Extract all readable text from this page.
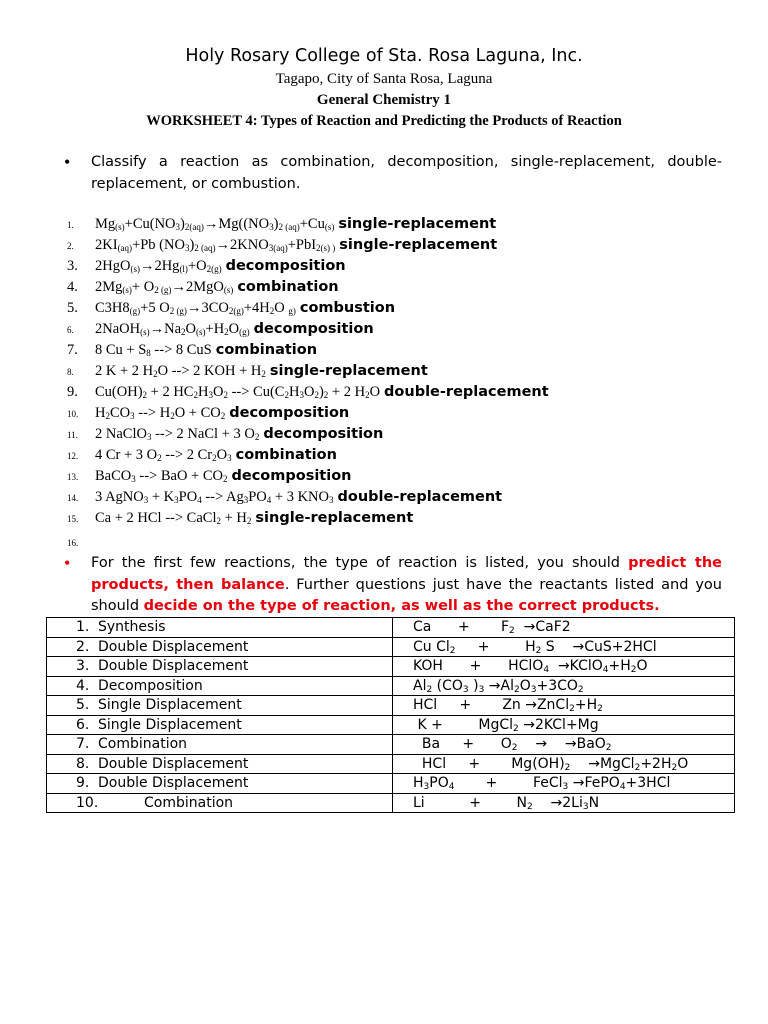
Holy Rosary College of Sta. Rosa Laguna, Inc.
Tagapo, City of Santa Rosa, Laguna
General Chemistry 1
WORKSHEET 4: Types of Reaction and Predicting the Products of Reaction
• Classify a reaction as combination, decomposition, single-replacement, double-replacement, or combustion.
1. $Mg_{(s)}+Cu(NO_3)_{2(aq)}\to Mg((NO_3)_{2 (aq)}+Cu_{(s)}$ single-replacement
2. $2KI_{(aq)}+Pb$ $(NO_3)_{2 (aq)}\to 2KNO_{3(aq)}+PbI_{2(s) )}$ single-replacement
3. $2HgO_{(s)}\to 2Hg_{(l)}+O_{2(g)}$ decomposition
4. $2Mg_{(s)}+ O_{2 (g)}\to 2MgO_{(s)}$ combination
5. $C3H8_{(g)}+5$ $O_{2 (g)}\to 3CO_{2(g)}+4H_2O$ $_{g)}$ combustion
6. $2NaOH_{(s)}\to Na_2O_{(s)}+H_2O_{(g)}$ decomposition
7. 8 $Cu + S_8$ --> 8 CuS combination
8. 2 K + 2 $H_2O$ --> 2 KOH + $H_2$ single-replacement
9. $Cu(OH)_2 + 2$ $HC_2H_3O_2$ --> $Cu(C_2H_3O_2)_2 + 2$ $H_2O$ double-replacement
10. $H_2CO_3$ --> $H_2O + CO_2$ decomposition
11. 2 NaClO$_3$ --> 2 NaCl + 3 $O_2$ decomposition
12. 4 Cr + 3 $O_2$ --> 2 $Cr_2O_3$ combination
13. BaCO$_3$ --> BaO + $CO_2$ decomposition
14. 3 AgNO$_3$ + $K_3PO_4$ --> $Ag_3PO_4 + 3$ $KNO_3$ double-replacement
15. Ca + 2 HCl --> CaCl$_2$ + $H_2$ single-replacement
16.
• For the first few reactions, the type of reaction is listed, you should predict the products, then balance. Further questions just have the reactants listed and you should decide on the type of reaction, as well as the correct products.
1. Synthesis	Ca      +       $F_2 \to CaF2$
2. Double Displacement	Cu $Cl_2$     +        $H_2$ S    →CuS+2HCl
3. Double Displacement	KOH      +      HClO$_4$  $\to KClO_4+H_2O$
4. Decomposition	$Al_2$ ($CO_3$ )$_3 \to Al_2O_3+3CO_2$
5. Single Displacement	HCl     +       $Zn \to ZnCl_2+H_2$
6. Single Displacement	K +        MgCl$_2$ →2KCl+Mg
7. Combination	Ba     +      $O_2$    →    →BaO$_2$
8. Double Displacement	HCl     +       $Mg(OH)_2$    $\to MgCl_2+2H_2O$
9. Double Displacement	$H_3PO_4$       +        FeCl$_3$ →FePO$_4$+3HCl
10. Combination	Li          +        $N_2$    $\to 2Li_3N$
